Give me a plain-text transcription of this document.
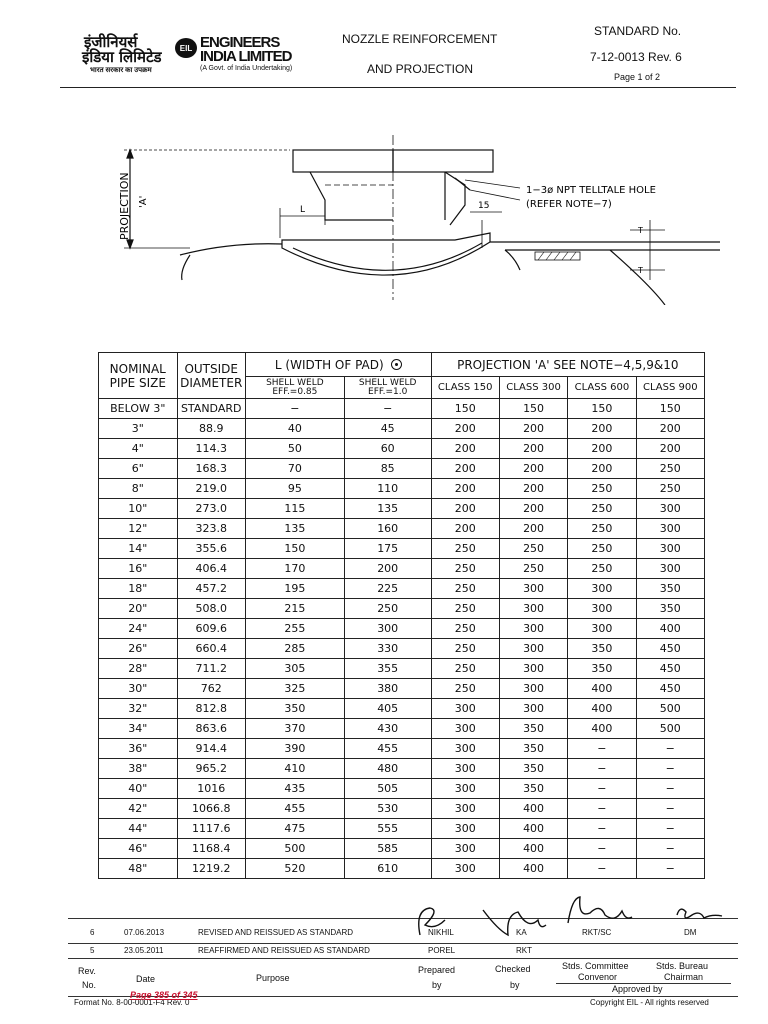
इंजीनियर्स
इंडिया लिमिटेड EIL ENGINEERS
INDIA LIMITED
भारत सरकार का उपक्रम	(A Govt. of India Undertaking)
NOZZLE REINFORCEMENT
AND PROJECTION
STANDARD No.
7-12-0013 Rev. 6
Page 1 of 2
PROJECTION 'A'
L	15
1−3ø NPT TELLTALE HOLE
(REFER NOTE−7)
T
T
NOMINAL
PIPE SIZE	OUTSIDE
DIAMETER	L (WIDTH OF PAD)		PROJECTION 'A' SEE NOTE−4,5,9&10			
		SHELL WELD EFF.=0.85	SHELL WELD EFF.=1.0	CLASS 150	CLASS 300	CLASS 600	CLASS 900
BELOW 3"	STANDARD	−	−	150	150	150	150
3"	88.9	40	45	200	200	200	200
4"	114.3	50	60	200	200	200	200
6"	168.3	70	85	200	200	200	250
8"	219.0	95	110	200	200	250	250
10"	273.0	115	135	200	200	250	300
12"	323.8	135	160	200	200	250	300
14"	355.6	150	175	250	250	250	300
16"	406.4	170	200	250	250	250	300
18"	457.2	195	225	250	300	300	350
20"	508.0	215	250	250	300	300	350
24"	609.6	255	300	250	300	300	400
26"	660.4	285	330	250	300	350	450
28"	711.2	305	355	250	300	350	450
30"	762	325	380	250	300	400	450
32"	812.8	350	405	300	300	400	500
34"	863.6	370	430	300	350	400	500
36"	914.4	390	455	300	350	−	−
38"	965.2	410	480	300	350	−	−
40"	1016	435	505	300	350	−	−
42"	1066.8	455	530	300	400	−	−
44"	1117.6	475	555	300	400	−	−
46"	1168.4	500	585	300	400	−	−
48"	1219.2	520	610	300	400	−	−
6	07.06.2013	REVISED AND REISSUED AS STANDARD	NIKHIL	KA	RKT/SC	DM
5	23.05.2011	REAFFIRMED AND REISSUED AS STANDARD	POREL	RKT
Rev.
No.
Date	Purpose
Prepared
by
Checked
by
Stds. Committee
Convenor
Stds. Bureau
Chairman
Approved by
Format No. 8-00-0001-F4 Rev. 0
Page 385 of 345
Copyright EIL - All rights reserved
